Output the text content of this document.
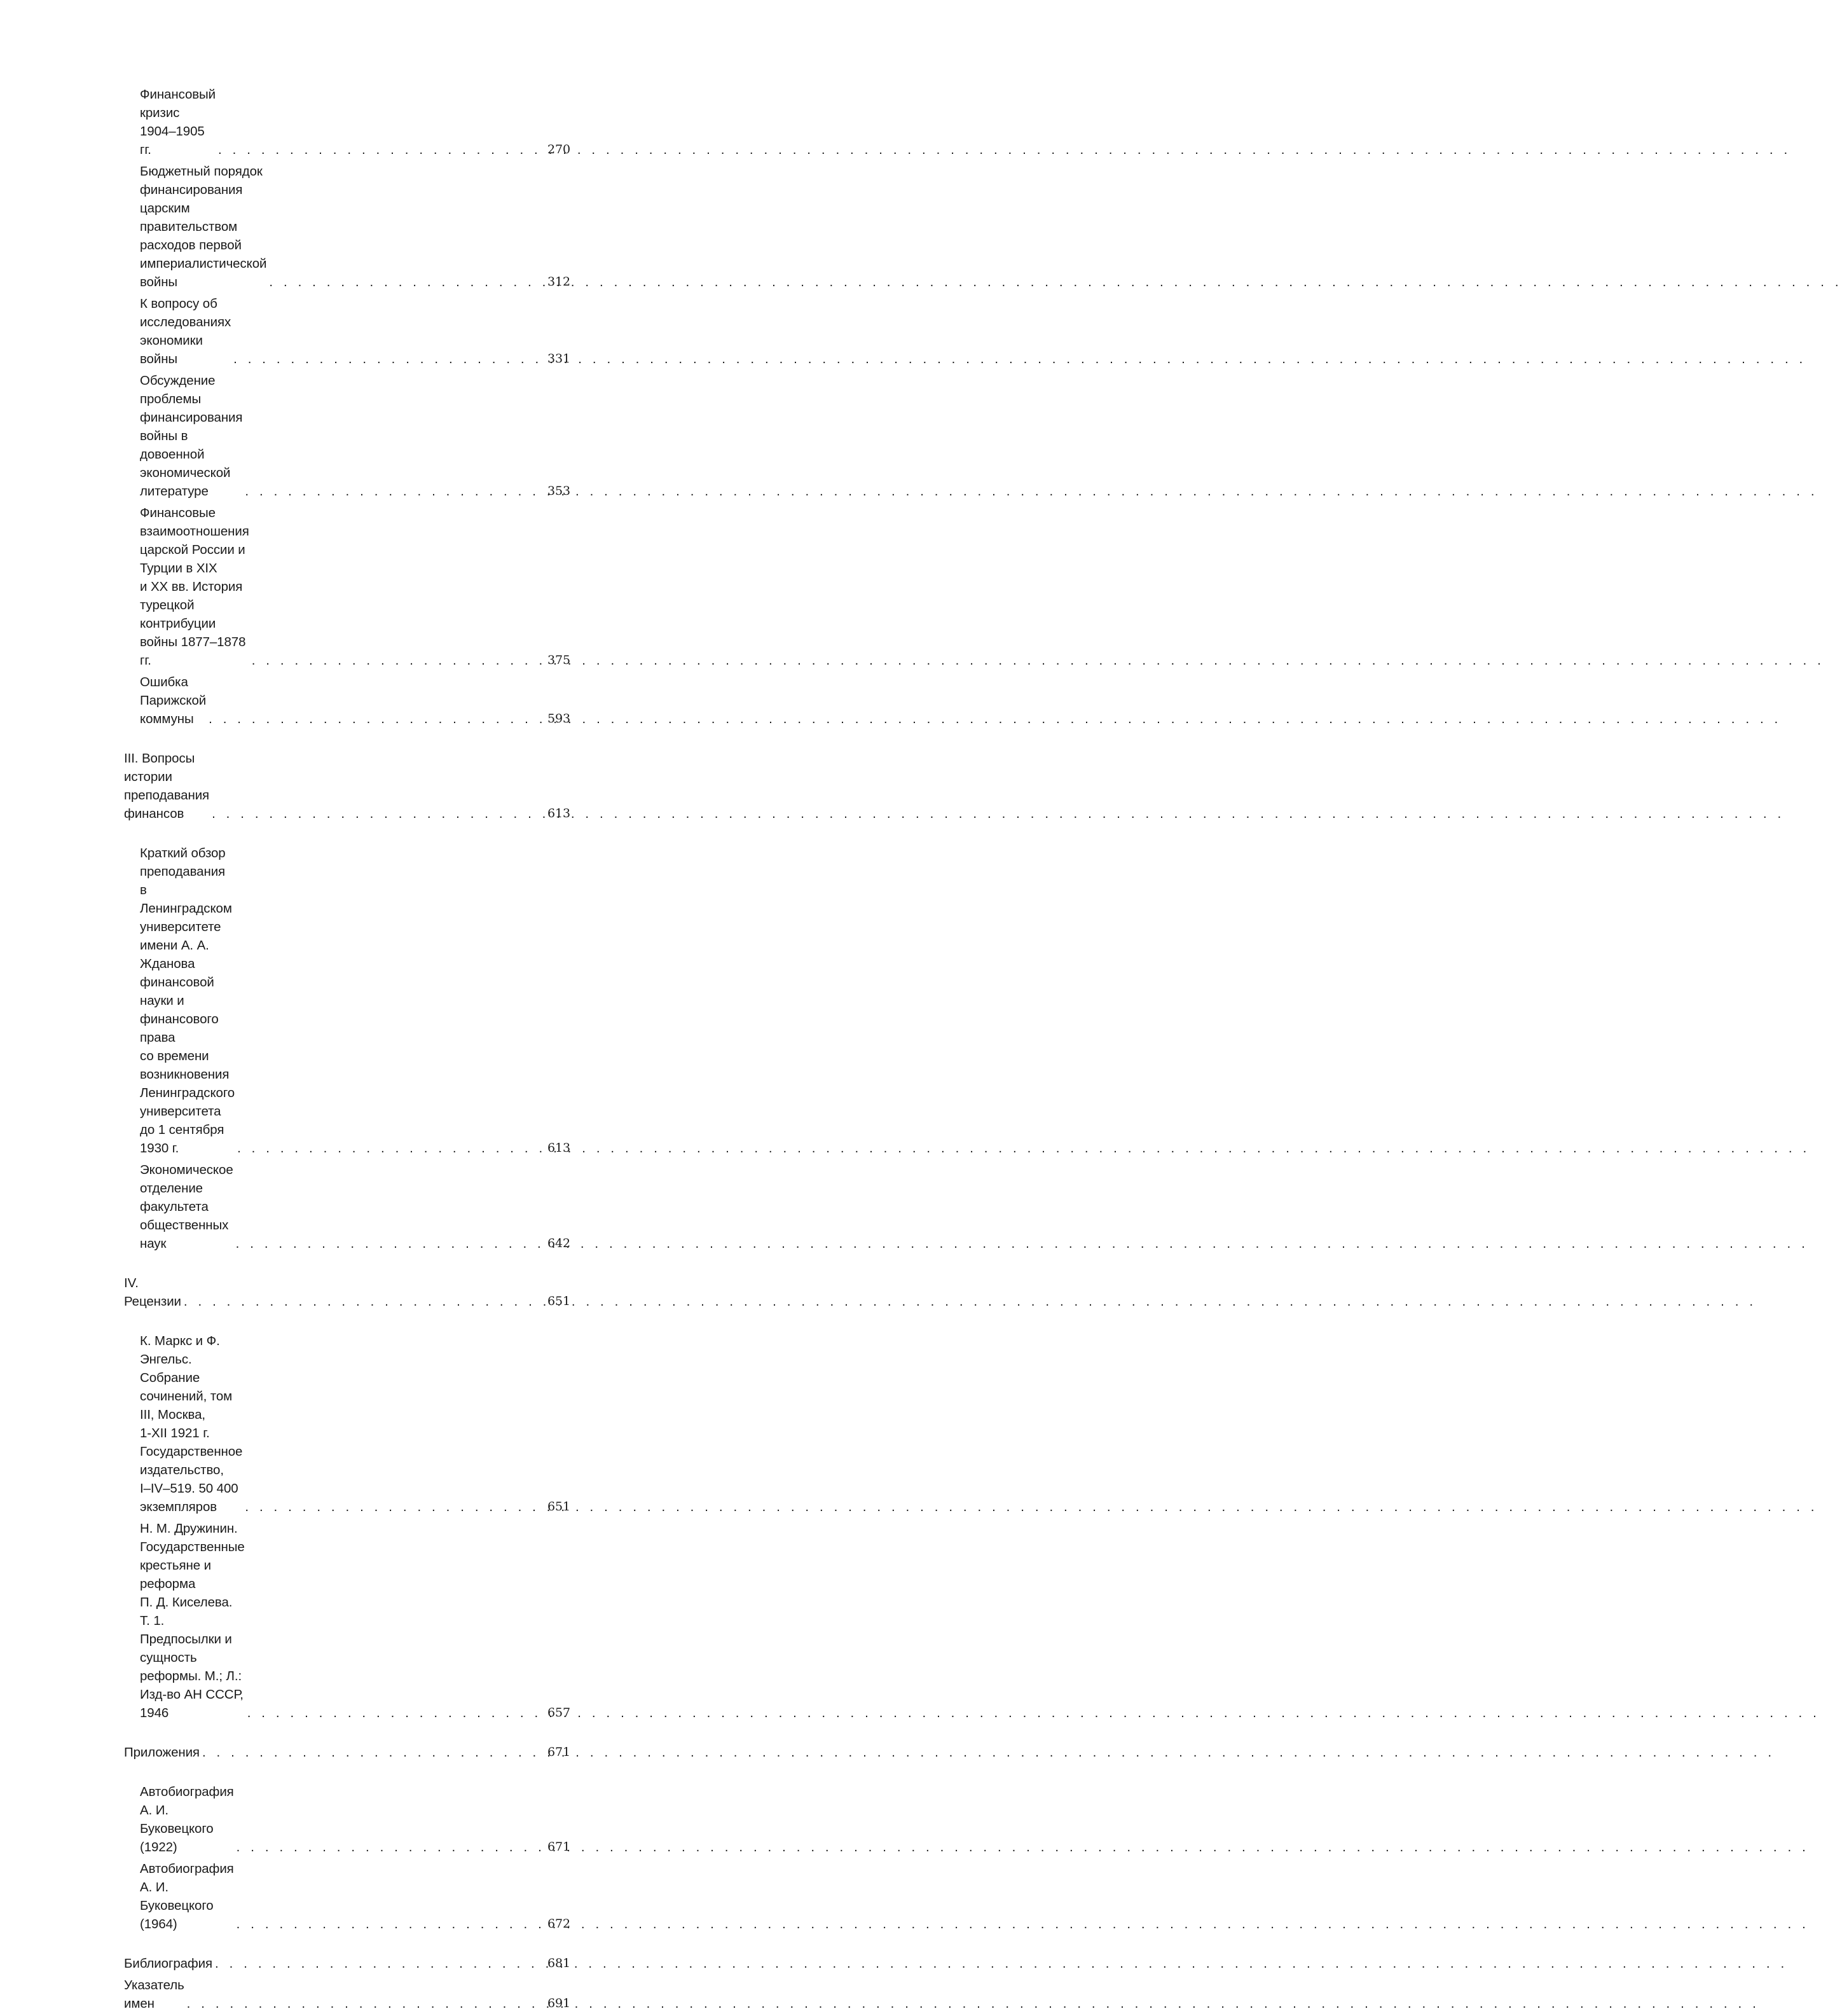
Финансовый кризис 1904–1905 гг. . . .	270
Бюджетный порядок финансирования царским
правительством расходов первой
империалистической войны . . .	312
К вопросу об исследованиях экономики войны . . .	331
Обсуждение проблемы финансирования войны в довоенной
экономической литературе . . .	353
Финансовые взаимоотношения царской России и Турции в XIX
и XX вв. История турецкой контрибуции войны 1877–1878 гг. . . .	375
Ошибка Парижской коммуны . . .	593
III. Вопросы истории преподавания финансов . . .	613
Краткий обзор преподавания в Ленинградском университете
имени А. А. Жданова финансовой науки и финансового права
со времени возникновения Ленинградского университета
до 1 сентября 1930 г. . . .	613
Экономическое отделение факультета общественных наук . . .	642
IV. Рецензии . . .	651
К. Маркс и Ф. Энгельс. Собрание сочинений, том III, Москва,
1-XII 1921 г. Государственное издательство,
I–IV–519. 50 400 экземпляров . . .	651
Н. М. Дружинин. Государственные крестьяне и реформа
П. Д. Киселева. Т. 1. Предпосылки и сущность реформы. М.; Л.:
Изд-во АН СССР, 1946 . . .	657
Приложения . . .	671
Автобиография А. И. Буковецкого (1922) . . .	671
Автобиография А. И. Буковецкого (1964) . . .	672
Библиография . . .	681
Указатель имен . . .	691
